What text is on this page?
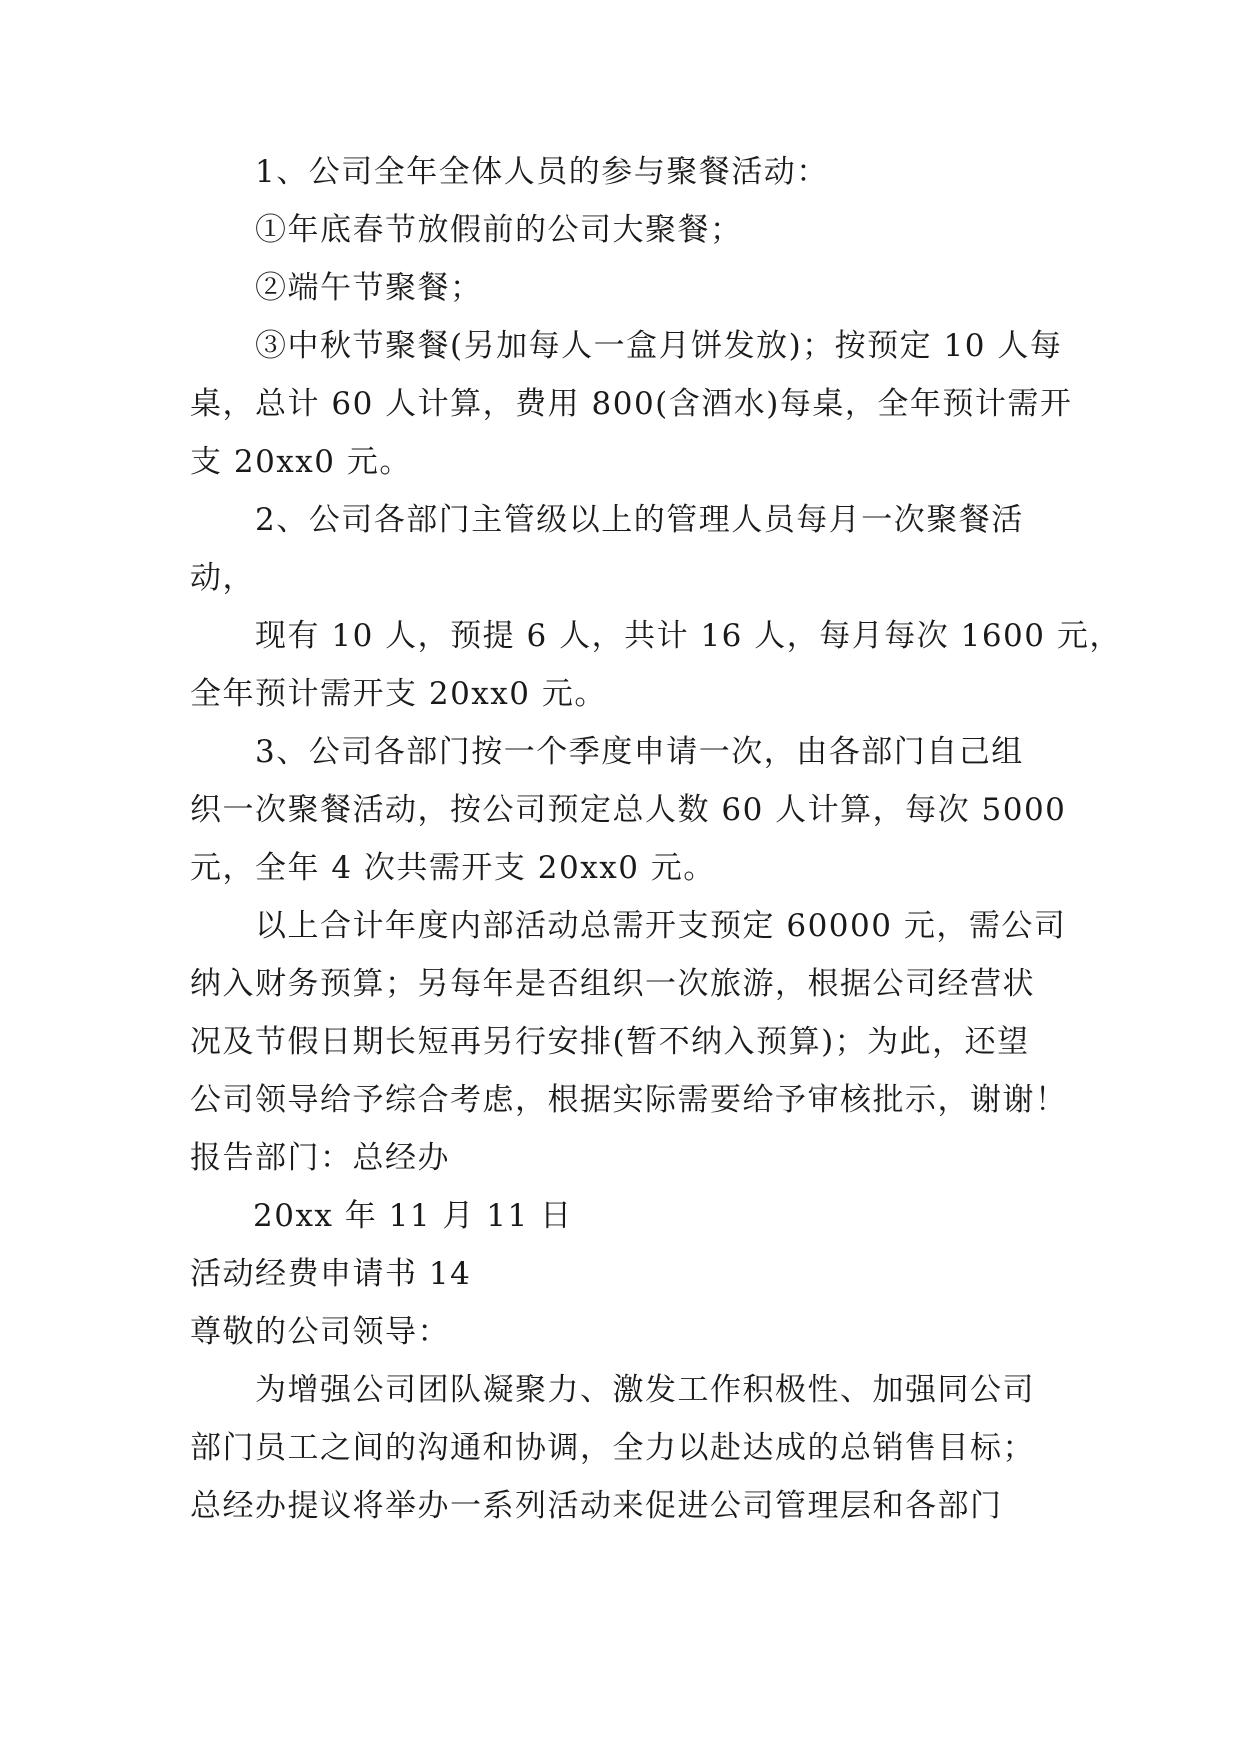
1、公司全年全体人员的参与聚餐活动：
①年底春节放假前的公司大聚餐；
②端午节聚餐；
③中秋节聚餐(另加每人一盒月饼发放)；按预定 10 人每
桌，总计 60 人计算，费用 800(含酒水)每桌，全年预计需开
支 20xx0 元。
2、公司各部门主管级以上的管理人员每月一次聚餐活
动，
现有 10 人，预提 6 人，共计 16 人，每月每次 1600 元，
全年预计需开支 20xx0 元。
3、公司各部门按一个季度申请一次，由各部门自己组
织一次聚餐活动，按公司预定总人数 60 人计算，每次 5000
元，全年 4 次共需开支 20xx0 元。
以上合计年度内部活动总需开支预定 60000 元，需公司
纳入财务预算；另每年是否组织一次旅游，根据公司经营状
况及节假日期长短再另行安排(暂不纳入预算)；为此，还望
公司领导给予综合考虑，根据实际需要给予审核批示，谢谢！
报告部门：总经办
20xx 年 11 月 11 日
活动经费申请书 14
尊敬的公司领导：
为增强公司团队凝聚力、激发工作积极性、加强同公司
部门员工之间的沟通和协调，全力以赴达成的总销售目标；
总经办提议将举办一系列活动来促进公司管理层和各部门
